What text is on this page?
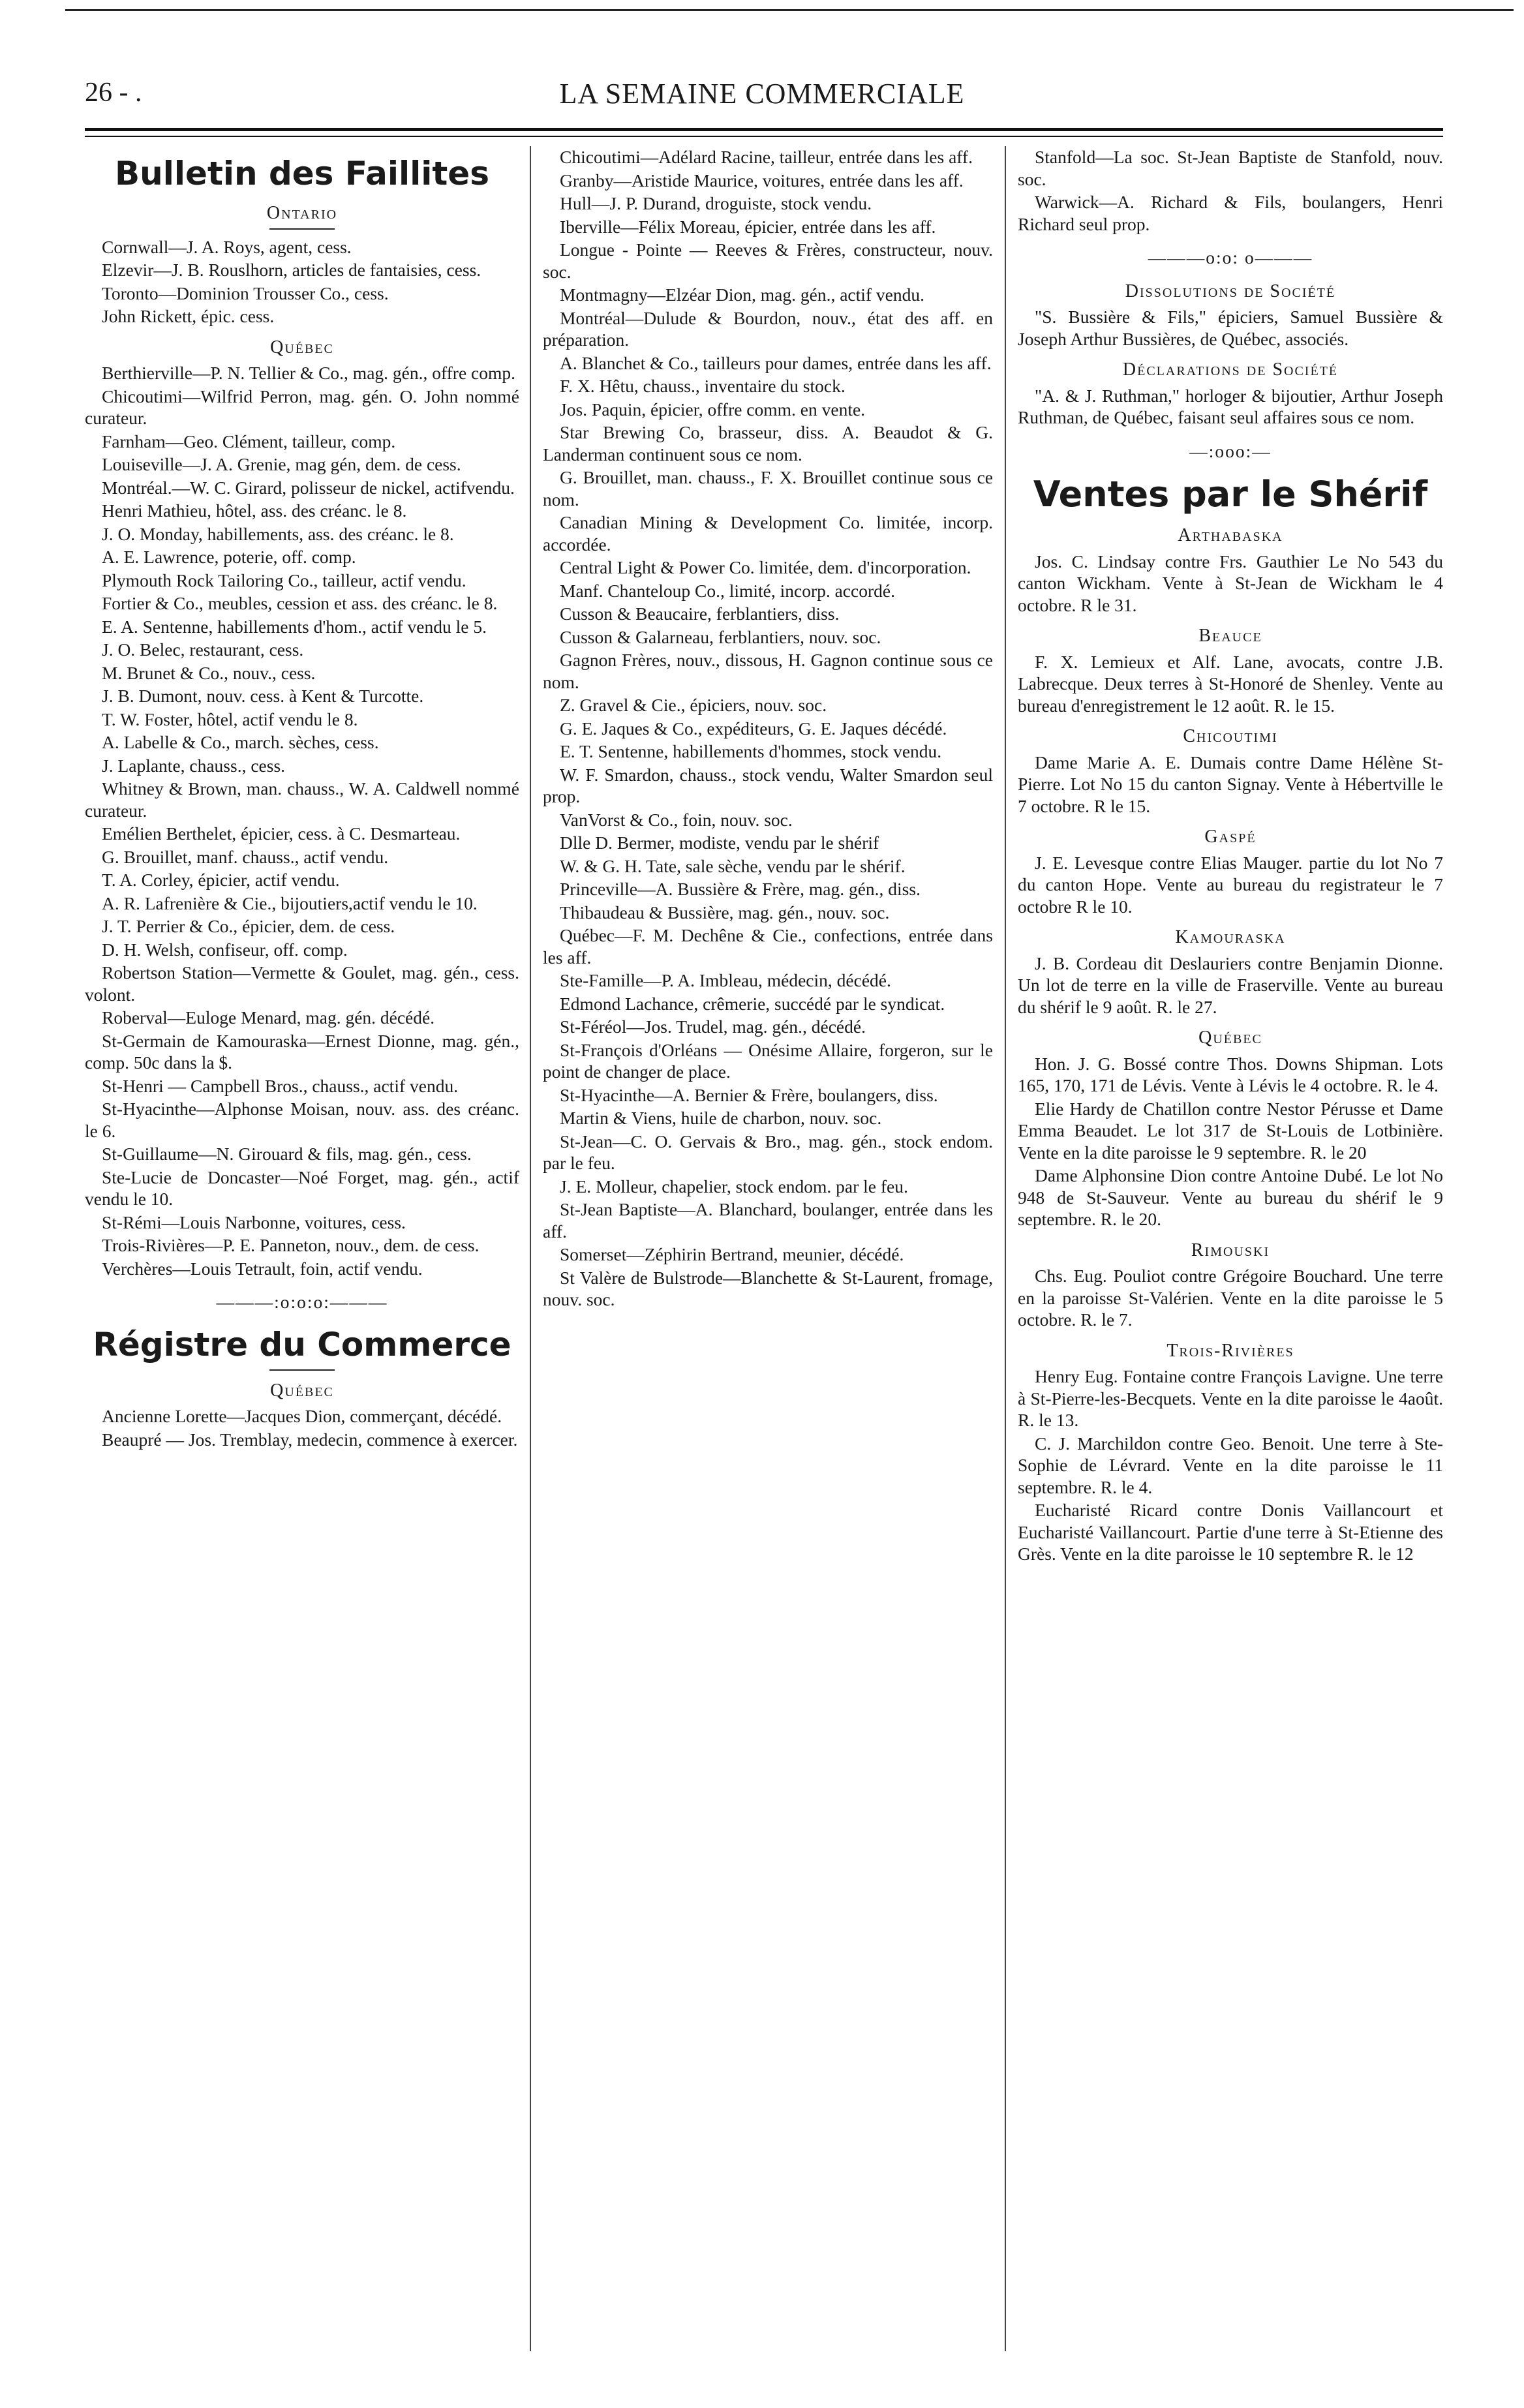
26 - .	LA SEMAINE COMMERCIALE
Bulletin des Faillites
Ontario

Cornwall—J. A. Roys, agent, cess.

Elzevir—J. B. Rouslhorn, articles de fantaisies, cess.

Toronto—Dominion Trousser Co., cess.

John Rickett, épic. cess.

Québec

Berthierville—P. N. Tellier & Co., mag. gén., offre comp.

Chicoutimi—Wilfrid Perron, mag. gén. O. John nommé curateur.

Farnham—Geo. Clément, tailleur, comp.

Louiseville—J. A. Grenie, mag gén, dem. de cess.

Montréal.—W. C. Girard, polisseur de nickel, actifvendu.

Henri Mathieu, hôtel, ass. des créanc. le 8.

J. O. Monday, habillements, ass. des créanc. le 8.

A. E. Lawrence, poterie, off. comp.

Plymouth Rock Tailoring Co., tailleur, actif vendu.

Fortier & Co., meubles, cession et ass. des créanc. le 8.

E. A. Sentenne, habillements d'hom., actif vendu le 5.

J. O. Belec, restaurant, cess.

M. Brunet & Co., nouv., cess.

J. B. Dumont, nouv. cess. à Kent & Turcotte.

T. W. Foster, hôtel, actif vendu le 8.

A. Labelle & Co., march. sèches, cess.

J. Laplante, chauss., cess.

Whitney & Brown, man. chauss., W. A. Caldwell nommé curateur.

Emélien Berthelet, épicier, cess. à C. Desmarteau.

G. Brouillet, manf. chauss., actif vendu.

T. A. Corley, épicier, actif vendu.

A. R. Lafrenière & Cie., bijoutiers,actif vendu le 10.

J. T. Perrier & Co., épicier, dem. de cess.

D. H. Welsh, confiseur, off. comp.

Robertson Station—Vermette & Goulet, mag. gén., cess. volont.

Roberval—Euloge Menard, mag. gén. décédé.

St-Germain de Kamouraska—Ernest Dionne, mag. gén., comp. 50c dans la $.

St-Henri — Campbell Bros., chauss., actif vendu.

St-Hyacinthe—Alphonse Moisan, nouv. ass. des créanc. le 6.

St-Guillaume—N. Girouard & fils, mag. gén., cess.

Ste-Lucie de Doncaster—Noé Forget, mag. gén., actif vendu le 10.

St-Rémi—Louis Narbonne, voitures, cess.

Trois-Rivières—P. E. Panneton, nouv., dem. de cess.

Verchères—Louis Tetrault, foin, actif vendu.

———:o:o:o:———
Régistre du Commerce
Québec

Ancienne Lorette—Jacques Dion, commerçant, décédé.

Beaupré — Jos. Tremblay, medecin, commence à exercer.

Chicoutimi—Adélard Racine, tailleur, entrée dans les aff.

Granby—Aristide Maurice, voitures, entrée dans les aff.

Hull—J. P. Durand, droguiste, stock vendu.

Iberville—Félix Moreau, épicier, entrée dans les aff.

Longue - Pointe — Reeves & Frères, constructeur, nouv. soc.

Montmagny—Elzéar Dion, mag. gén., actif vendu.

Montréal—Dulude & Bourdon, nouv., état des aff. en préparation.

A. Blanchet & Co., tailleurs pour dames, entrée dans les aff.

F. X. Hêtu, chauss., inventaire du stock.

Jos. Paquin, épicier, offre comm. en vente.

Star Brewing Co, brasseur, diss. A. Beaudot & G. Landerman continuent sous ce nom.

G. Brouillet, man. chauss., F. X. Brouillet continue sous ce nom.

Canadian Mining & Development Co. limitée, incorp. accordée.

Central Light & Power Co. limitée, dem. d'incorporation.

Manf. Chanteloup Co., limité, incorp. accordé.

Cusson & Beaucaire, ferblantiers, diss.

Cusson & Galarneau, ferblantiers, nouv. soc.

Gagnon Frères, nouv., dissous, H. Gagnon continue sous ce nom.

Z. Gravel & Cie., épiciers, nouv. soc.

G. E. Jaques & Co., expéditeurs, G. E. Jaques décédé.

E. T. Sentenne, habillements d'hommes, stock vendu.

W. F. Smardon, chauss., stock vendu, Walter Smardon seul prop.

VanVorst & Co., foin, nouv. soc.

Dlle D. Bermer, modiste, vendu par le shérif

W. & G. H. Tate, sale sèche, vendu par le shérif.

Princeville—A. Bussière & Frère, mag. gén., diss.

Thibaudeau & Bussière, mag. gén., nouv. soc.

Québec—F. M. Dechêne & Cie., confections, entrée dans les aff.

Ste-Famille—P. A. Imbleau, médecin, décédé.

Edmond Lachance, crêmerie, succédé par le syndicat.

St-Féréol—Jos. Trudel, mag. gén., décédé.

St-François d'Orléans — Onésime Allaire, forgeron, sur le point de changer de place.

St-Hyacinthe—A. Bernier & Frère, boulangers, diss.

Martin & Viens, huile de charbon, nouv. soc.

St-Jean—C. O. Gervais & Bro., mag. gén., stock endom. par le feu.

J. E. Molleur, chapelier, stock endom. par le feu.

St-Jean Baptiste—A. Blanchard, boulanger, entrée dans les aff.

Somerset—Zéphirin Bertrand, meunier, décédé.

St Valère de Bulstrode—Blanchette & St-Laurent, fromage, nouv. soc.

Stanfold—La soc. St-Jean Baptiste de Stanfold, nouv. soc.

Warwick—A. Richard & Fils, boulangers, Henri Richard seul prop.

———o:o: o———
Dissolutions de Société

"S. Bussière & Fils," épiciers, Samuel Bussière & Joseph Arthur Bussières, de Québec, associés.

Déclarations de Société

"A. & J. Ruthman," horloger & bijoutier, Arthur Joseph Ruthman, de Québec, faisant seul affaires sous ce nom.

—:ooo:—
Ventes par le Shérif
Arthabaska

Jos. C. Lindsay contre Frs. Gauthier Le No 543 du canton Wickham. Vente à St-Jean de Wickham le 4 octobre. R le 31.

Beauce

F. X. Lemieux et Alf. Lane, avocats, contre J.B. Labrecque. Deux terres à St-Honoré de Shenley. Vente au bureau d'enregistrement le 12 août. R. le 15.

Chicoutimi

Dame Marie A. E. Dumais contre Dame Hélène St-Pierre. Lot No 15 du canton Signay. Vente à Hébertville le 7 octobre. R le 15.

Gaspé

J. E. Levesque contre Elias Mauger. partie du lot No 7 du canton Hope. Vente au bureau du registrateur le 7 octobre R le 10.

Kamouraska

J. B. Cordeau dit Deslauriers contre Benjamin Dionne. Un lot de terre en la ville de Fraserville. Vente au bureau du shérif le 9 août. R. le 27.

Québec

Hon. J. G. Bossé contre Thos. Downs Shipman. Lots 165, 170, 171 de Lévis. Vente à Lévis le 4 octobre. R. le 4.

Elie Hardy de Chatillon contre Nestor Pérusse et Dame Emma Beaudet. Le lot 317 de St-Louis de Lotbinière. Vente en la dite paroisse le 9 septembre. R. le 20

Dame Alphonsine Dion contre Antoine Dubé. Le lot No 948 de St-Sauveur. Vente au bureau du shérif le 9 septembre. R. le 20.

Rimouski

Chs. Eug. Pouliot contre Grégoire Bouchard. Une terre en la paroisse St-Valérien. Vente en la dite paroisse le 5 octobre. R. le 7.

Trois-Rivières

Henry Eug. Fontaine contre François Lavigne. Une terre à St-Pierre-les-Becquets. Vente en la dite paroisse le 4août. R. le 13.

C. J. Marchildon contre Geo. Benoit. Une terre à Ste-Sophie de Lévrard. Vente en la dite paroisse le 11 septembre. R. le 4.

Eucharisté Ricard contre Donis Vaillancourt et Eucharisté Vaillancourt. Partie d'une terre à St-Etienne des Grès. Vente en la dite paroisse le 10 septembre R. le 12
